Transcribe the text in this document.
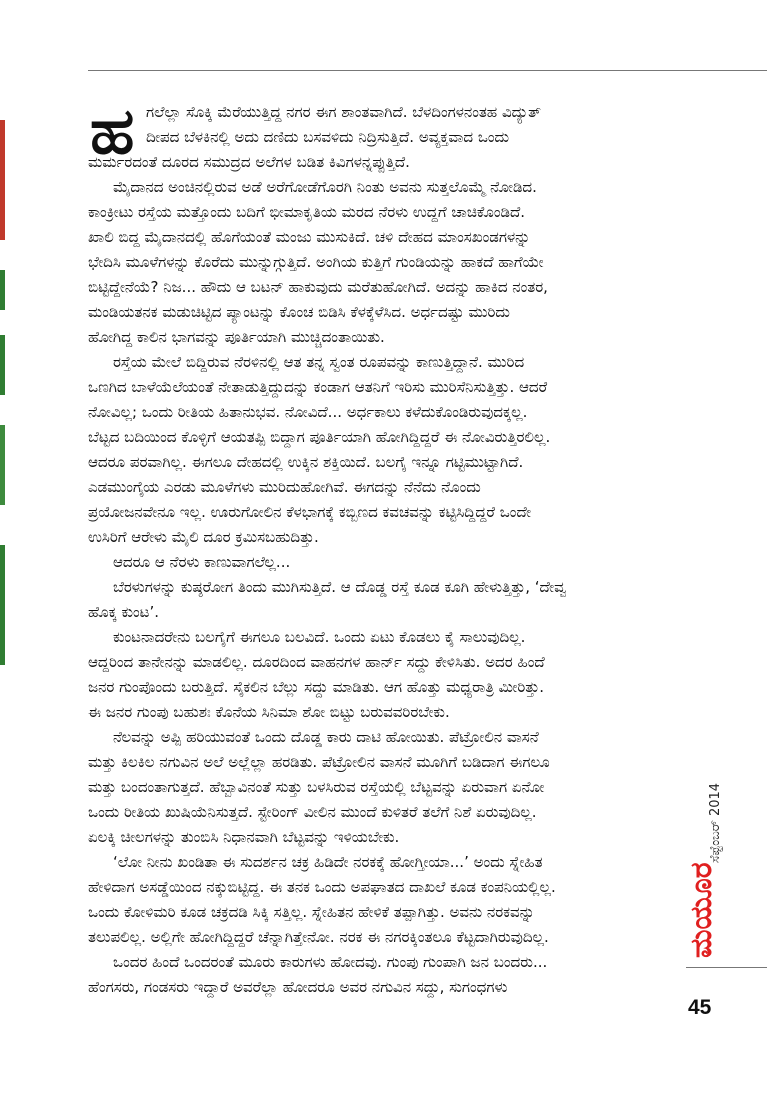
ಹ ಗಲೆಲ್ಲಾ ಸೊಕ್ಕಿ ಮೆರೆಯುತ್ತಿದ್ದ ನಗರ ಈಗ ಶಾಂತವಾಗಿದೆ. ಬೆಳದಿಂಗಳನಂತಹ ವಿದ್ಯುತ್
ದೀಪದ ಬೆಳಕಿನಲ್ಲಿ ಅದು ದಣಿದು ಬಸವಳಿದು ನಿದ್ರಿಸುತ್ತಿದೆ. ಅವ್ಯಕ್ತವಾದ ಒಂದು
ಮರ್ಮರದಂತೆ ದೂರದ ಸಮುದ್ರದ ಅಲೆಗಳ ಬಡಿತ ಕಿವಿಗಳನ್ನಪ್ಪುತ್ತಿದೆ.

ಮೈದಾನದ ಅಂಚಿನಲ್ಲಿರುವ ಅಡೆ ಅರೆಗೋಡೆಗೊರಗಿ ನಿಂತು ಅವನು ಸುತ್ತಲೊಮ್ಮೆ ನೋಡಿದ.
ಕಾಂಕ್ರೀಟು ರಸ್ತೆಯ ಮತ್ತೊಂದು ಬದಿಗೆ ಭೀಮಾಕೃತಿಯ ಮರದ ನೆರಳು ಉದ್ದಗೆ ಚಾಚಿಕೊಂಡಿದೆ.
ಖಾಲಿ ಬಿದ್ದ ಮೈದಾನದಲ್ಲಿ ಹೊಗೆಯಂತೆ ಮಂಜು ಮುಸುಕಿದೆ. ಚಳಿ ದೇಹದ ಮಾಂಸಖಂಡಗಳನ್ನು
ಭೇದಿಸಿ ಮೂಳೆಗಳನ್ನು ಕೊರೆದು ಮುನ್ನುಗ್ಗುತ್ತಿದೆ. ಅಂಗಿಯ ಕುತ್ತಿಗೆ ಗುಂಡಿಯನ್ನು ಹಾಕದೆ ಹಾಗೆಯೇ
ಬಿಟ್ಟಿದ್ದೇನೆಯೆ? ನಿಜ... ಹೌದು ಆ ಬಟನ್ ಹಾಕುವುದು ಮರೆತುಹೋಗಿದೆ. ಅದನ್ನು ಹಾಕಿದ ನಂತರ,
ಮಂಡಿಯತನಕ ಮಡುಚಿಟ್ಟಿದ ಪ್ಯಾಂಟನ್ನು ಕೊಂಚ ಬಿಡಿಸಿ ಕೆಳಕ್ಕೆಳೆಸಿದ. ಅರ್ಧದಷ್ಟು ಮುರಿದು
ಹೋಗಿದ್ದ ಕಾಲಿನ ಭಾಗವನ್ನು ಪೂರ್ತಿಯಾಗಿ ಮುಚ್ಚಿದಂತಾಯಿತು.

ರಸ್ತೆಯ ಮೇಲೆ ಬಿದ್ದಿರುವ ನೆರಳಿನಲ್ಲಿ ಆತ ತನ್ನ ಸ್ವಂತ ರೂಪವನ್ನು ಕಾಣುತ್ತಿದ್ದಾನೆ. ಮುರಿದ
ಒಣಗಿದ ಬಾಳೆಯೆಲೆಯಂತೆ ನೇತಾಡುತ್ತಿದ್ದುದನ್ನು ಕಂಡಾಗ ಆತನಿಗೆ ಇರಿಸು ಮುರಿಸೆನಿಸುತ್ತಿತ್ತು. ಆದರೆ
ನೋವಿಲ್ಲ; ಒಂದು ರೀತಿಯ ಹಿತಾನುಭವ. ನೋವಿದೆ... ಅರ್ಧಕಾಲು ಕಳೆದುಕೊಂಡಿರುವುದಕ್ಕಲ್ಲ.
ಬೆಟ್ಟದ ಬದಿಯಿಂದ ಕೊಳ್ಳಿಗೆ ಆಯತಪ್ಪಿ ಬಿದ್ದಾಗ ಪೂರ್ತಿಯಾಗಿ ಹೋಗಿದ್ದಿದ್ದರೆ ಈ ನೋವಿರುತ್ತಿರಲಿಲ್ಲ.
ಆದರೂ ಪರವಾಗಿಲ್ಲ. ಈಗಲೂ ದೇಹದಲ್ಲಿ ಉಕ್ಕಿನ ಶಕ್ತಿಯಿದೆ. ಬಲಗೈ ಇನ್ನೂ ಗಟ್ಟಿಮುಟ್ಟಾಗಿದೆ.
ಎಡಮುಂಗೈಯ ಎರಡು ಮೂಳೆಗಳು ಮುರಿದುಹೋಗಿವೆ. ಈಗದನ್ನು ನೆನೆದು ನೊಂದು
ಪ್ರಯೋಜನವೇನೂ ಇಲ್ಲ. ಊರುಗೋಲಿನ ಕೆಳಭಾಗಕ್ಕೆ ಕಬ್ಬಿಣದ ಕವಚವನ್ನು ಕಟ್ಟಿಸಿದ್ದಿದ್ದರೆ ಒಂದೇ
ಉಸಿರಿಗೆ ಆರೇಳು ಮೈಲಿ ದೂರ ಕ್ರಮಿಸಬಹುದಿತ್ತು.

ಆದರೂ ಆ ನೆರಳು ಕಾಣುವಾಗಲೆಲ್ಲ...

ಬೆರಳುಗಳನ್ನು ಕುಷ್ಠರೋಗ ತಿಂದು ಮುಗಿಸುತ್ತಿದೆ. ಆ ದೊಡ್ಡ ರಸ್ತೆ ಕೂಡ ಕೂಗಿ ಹೇಳುತ್ತಿತ್ತು, ‘ದೇವ್ವ
ಹೊಕ್ಕ ಕುಂಟ’.

ಕುಂಟನಾದರೇನು ಬಲಗೈಗೆ ಈಗಲೂ ಬಲವಿದೆ. ಒಂದು ಏಟು ಕೊಡಲು ಕೈ ಸಾಲುವುದಿಲ್ಲ.
ಆದ್ದರಿಂದ ತಾನೇನನ್ನು ಮಾಡಲಿಲ್ಲ. ದೂರದಿಂದ ವಾಹನಗಳ ಹಾರ್ನ್ ಸದ್ದು ಕೇಳಿಸಿತು. ಅದರ ಹಿಂದೆ
ಜನರ ಗುಂಪೊಂದು ಬರುತ್ತಿದೆ. ಸೈಕಲಿನ ಬೆಲ್ಲು ಸದ್ದು ಮಾಡಿತು. ಆಗ ಹೊತ್ತು ಮಧ್ಯರಾತ್ರಿ ಮೀರಿತ್ತು.
ಈ ಜನರ ಗುಂಪು ಬಹುಶಃ ಕೊನೆಯ ಸಿನಿಮಾ ಶೋ ಬಿಟ್ಟು ಬರುವವರಿರಬೇಕು.

ನೆಲವನ್ನು ಅಪ್ಪಿ ಹರಿಯುವಂತೆ ಒಂದು ದೊಡ್ಡ ಕಾರು ದಾಟಿ ಹೋಯಿತು. ಪೆಟ್ರೋಲಿನ ವಾಸನೆ
ಮತ್ತು ಕಿಲಕಿಲ ನಗುವಿನ ಅಲೆ ಅಲ್ಲೆಲ್ಲಾ ಹರಡಿತು. ಪೆಟ್ರೋಲಿನ ವಾಸನೆ ಮೂಗಿಗೆ ಬಡಿದಾಗ ಈಗಲೂ
ಮತ್ತು ಬಂದಂತಾಗುತ್ತದೆ. ಹೆಬ್ಬಾವಿನಂತೆ ಸುತ್ತು ಬಳಸಿರುವ ರಸ್ತೆಯಲ್ಲಿ ಬೆಟ್ಟವನ್ನು ಏರುವಾಗ ಏನೋ
ಒಂದು ರೀತಿಯ ಖುಷಿಯೆನಿಸುತ್ತದೆ. ಸ್ಟೇರಿಂಗ್ ವೀಲಿನ ಮುಂದೆ ಕುಳಿತರೆ ತಲೆಗೆ ನಿಶೆ ಏರುವುದಿಲ್ಲ.
ಏಲಕ್ಕಿ ಚೀಲಗಳನ್ನು ತುಂಬಿಸಿ ನಿಧಾನವಾಗಿ ಬೆಟ್ಟವನ್ನು ಇಳಿಯಬೇಕು.

‘ಲೋ ನೀನು ಖಂಡಿತಾ ಈ ಸುದರ್ಶನ ಚಕ್ರ ಹಿಡಿದೇ ನರಕಕ್ಕೆ ಹೋಗ್ತೀಯಾ...’ ಅಂದು ಸ್ನೇಹಿತ
ಹೇಳಿದಾಗ ಅಸಡ್ಡೆಯಿಂದ ನಕ್ಕುಬಿಟ್ಟಿದ್ದ. ಈ ತನಕ ಒಂದು ಅಪಘಾತದ ದಾಖಲೆ ಕೂಡ ಕಂಪನಿಯಲ್ಲಿಲ್ಲ.
ಒಂದು ಕೋಳಿಮರಿ ಕೂಡ ಚಕ್ರದಡಿ ಸಿಕ್ಕಿ ಸತ್ತಿಲ್ಲ. ಸ್ನೇಹಿತನ ಹೇಳಿಕೆ ತಪ್ಪಾಗಿತ್ತು. ಅವನು ನರಕವನ್ನು
ತಲುಪಲಿಲ್ಲ. ಅಲ್ಲಿಗೇ ಹೋಗಿದ್ದಿದ್ದರೆ ಚೆನ್ನಾಗಿತ್ತೇನೋ. ನರಕ ಈ ನಗರಕ್ಕಿಂತಲೂ ಕೆಟ್ಟದಾಗಿರುವುದಿಲ್ಲ.

ಒಂದರ ಹಿಂದೆ ಒಂದರಂತೆ ಮೂರು ಕಾರುಗಳು ಹೋದವು. ಗುಂಪು ಗುಂಪಾಗಿ ಜನ ಬಂದರು...
ಹೆಂಗಸರು, ಗಂಡಸರು ಇದ್ದಾರೆ ಅವರೆಲ್ಲಾ ಹೋದರೂ ಅವರ ನಗುವಿನ ಸದ್ದು, ಸುಗಂಧಗಳು

ಸೆಪ್ಟೆಂಬರ್ 2014
ಮಯೂರ
45
